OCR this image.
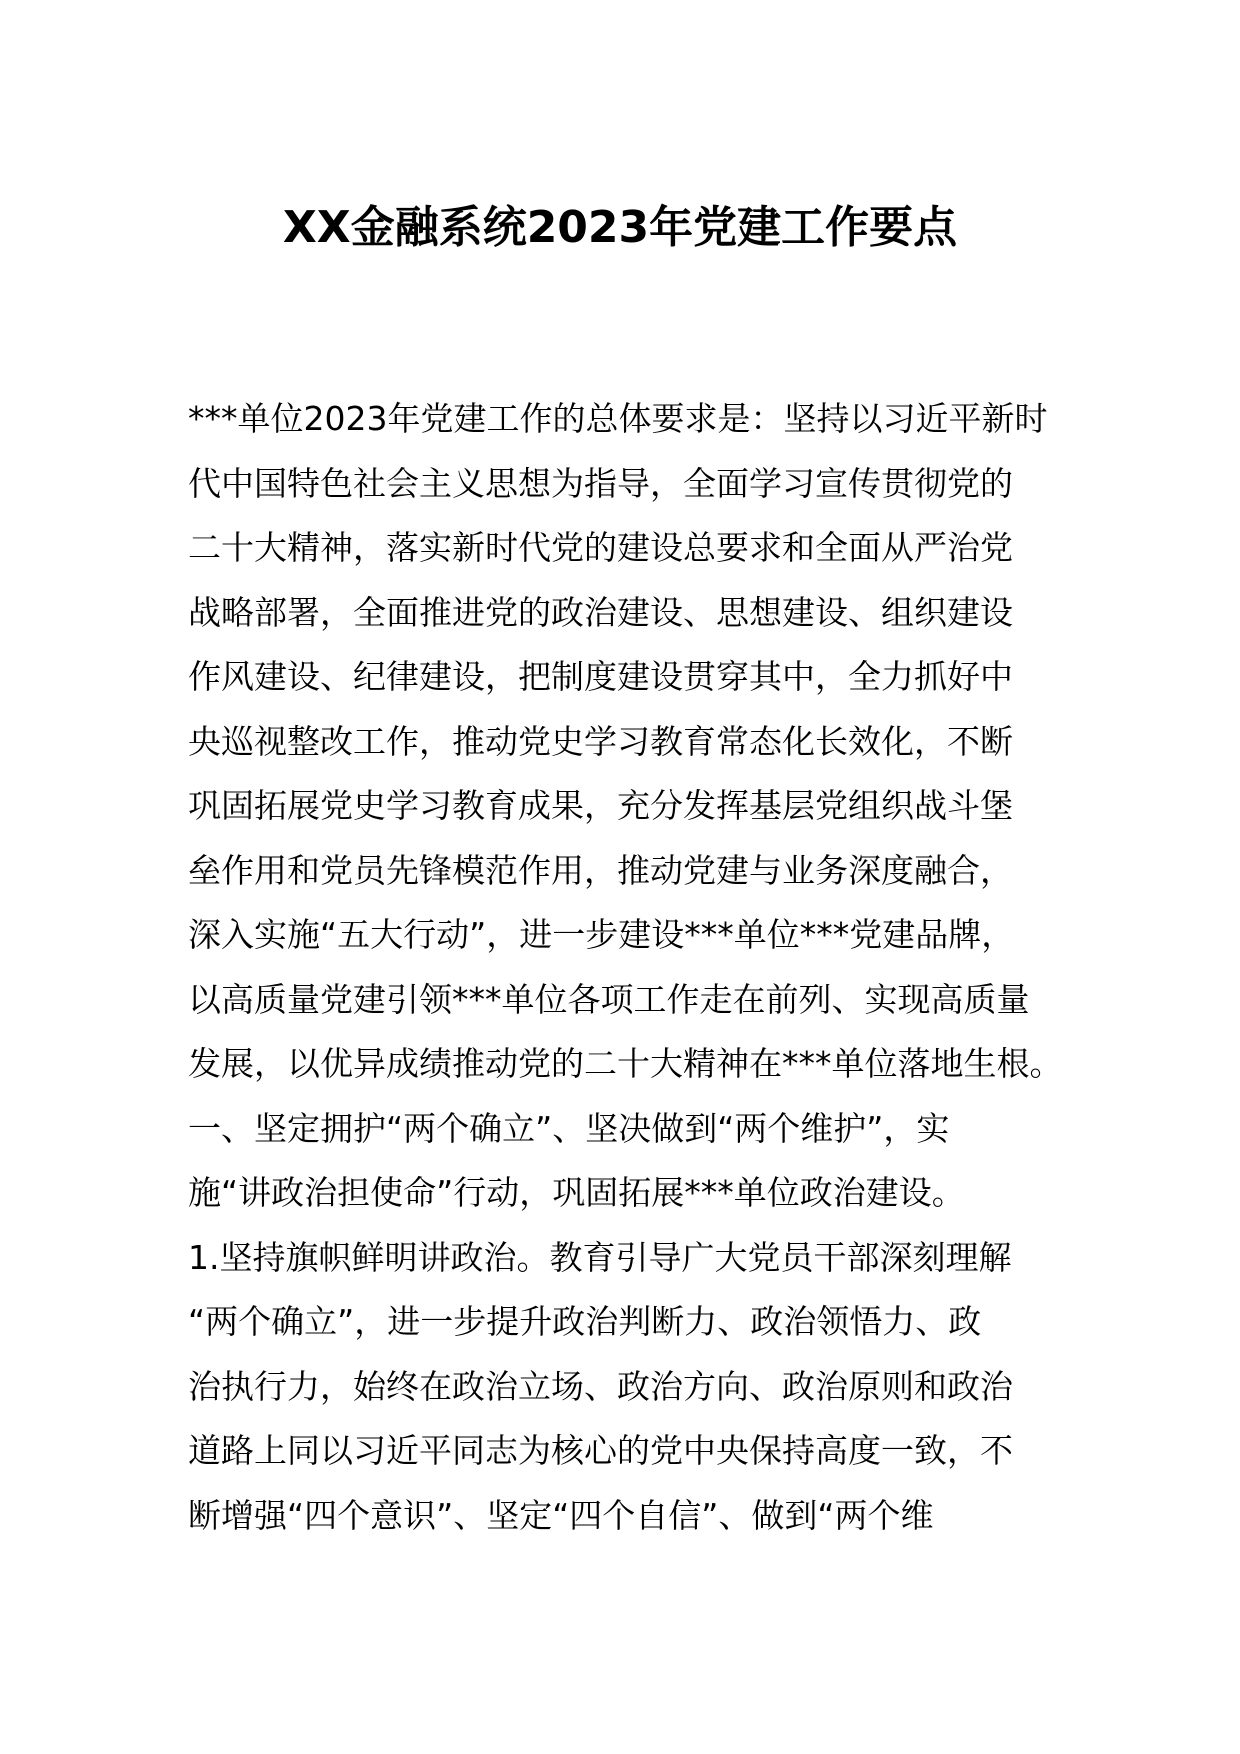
XX金融系统2023年党建工作要点
***单位2023年党建工作的总体要求是：坚持以习近平新时
代中国特色社会主义思想为指导，全面学习宣传贯彻党的
二十大精神，落实新时代党的建设总要求和全面从严治党
战略部署，全面推进党的政治建设、思想建设、组织建设
作风建设、纪律建设，把制度建设贯穿其中，全力抓好中
央巡视整改工作，推动党史学习教育常态化长效化，不断
巩固拓展党史学习教育成果，充分发挥基层党组织战斗堡
垒作用和党员先锋模范作用，推动党建与业务深度融合，
深入实施“五大行动”，进一步建设***单位***党建品牌，
以高质量党建引领***单位各项工作走在前列、实现高质量
发展，以优异成绩推动党的二十大精神在***单位落地生根。
一、坚定拥护“两个确立”、坚决做到“两个维护”，实
施“讲政治担使命”行动，巩固拓展***单位政治建设。
1.坚持旗帜鲜明讲政治。教育引导广大党员干部深刻理解
“两个确立”，进一步提升政治判断力、政治领悟力、政
治执行力，始终在政治立场、政治方向、政治原则和政治
道路上同以习近平同志为核心的党中央保持高度一致，不
断增强“四个意识”、坚定“四个自信”、做到“两个维
